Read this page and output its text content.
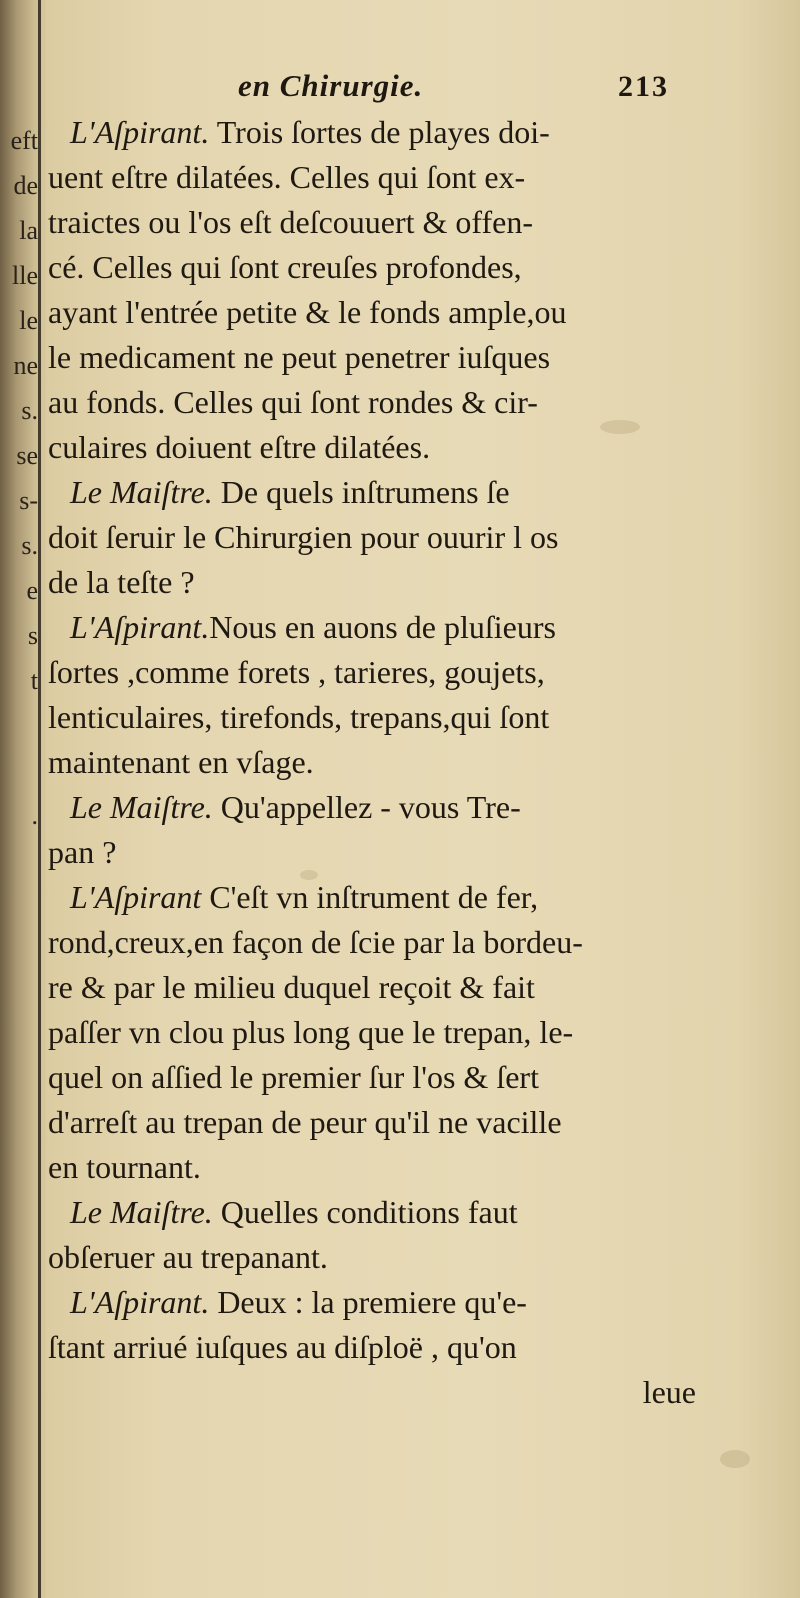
eft
de
la
lle
le
ne
s.
se
s-
s.
e
s
t
.
en Chirurgie.	213
L'Aſpirant. Trois ſortes de playes doi-
uent eſtre dilatées. Celles qui ſont ex-
traictes ou l'os eſt deſcouuert & offen-
cé. Celles qui ſont creuſes profondes,
ayant l'entrée petite & le fonds ample,ou
le medicament ne peut penetrer iuſques
au fonds. Celles qui ſont rondes & cir-
culaires doiuent eſtre dilatées.
Le Maiſtre. De quels inſtrumens ſe
doit ſeruir le Chirurgien pour ouurir l os
de la teſte ?
L'Aſpirant.Nous en auons de pluſieurs
ſortes ,comme forets , tarieres, goujets,
lenticulaires, tirefonds, trepans,qui ſont
maintenant en vſage.
Le Maiſtre. Qu'appellez - vous Tre-
pan ?
L'Aſpirant C'eſt vn inſtrument de fer,
rond,creux,en façon de ſcie par la bordeu-
re & par le milieu duquel reçoit & fait
paſſer vn clou plus long que le trepan, le-
quel on aſſied le premier ſur l'os & ſert
d'arreſt au trepan de peur qu'il ne vacille
en tournant.
Le Maiſtre. Quelles conditions faut
obſeruer au trepanant.
L'Aſpirant. Deux : la premiere qu'e-
ſtant arriué iuſques au diſploë , qu'on
leue
